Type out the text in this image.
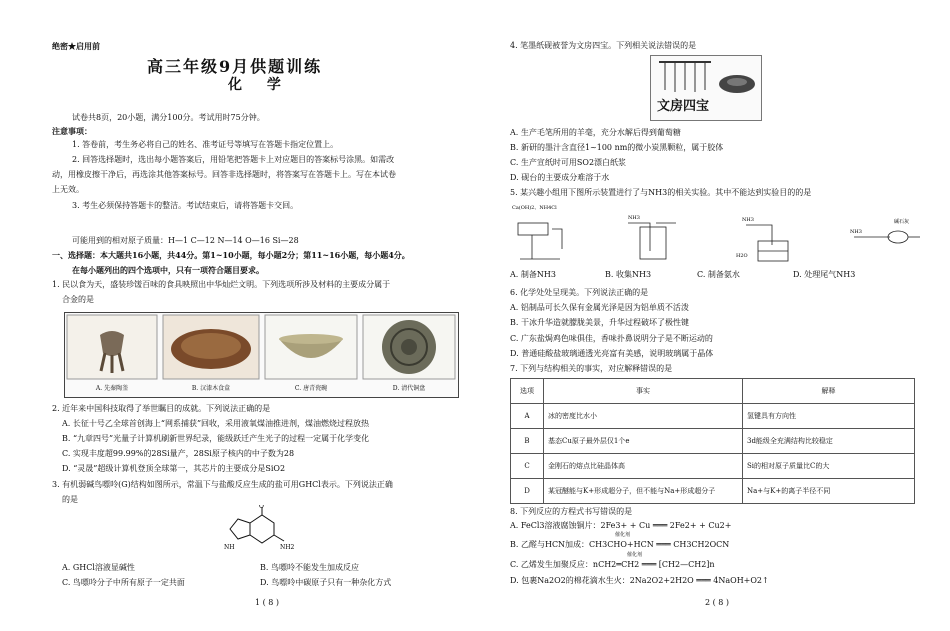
绝密★启用前
高三年级9月供题训练
化 学
试卷共8页，20小题，满分100分。考试用时75分钟。
注意事项：
1. 答卷前，考生务必将自己的姓名、准考证号等填写在答题卡指定位置上。
2. 回答选择题时，选出每小题答案后，用铅笔把答题卡上对应题目的答案标号涂黑。如需改
动，用橡皮擦干净后，再选涂其他答案标号。回答非选择题时，将答案写在答题卡上。写在本试卷
上无效。
3. 考生必须保持答题卡的整洁。考试结束后，请将答题卡交回。
可能用到的相对原子质量：H—1 C—12 N—14 O—16 Si—28
一、选择题：本大题共16小题，共44分。第1~10小题，每小题2分；第11~16小题，每小题4分。
在每小题列出的四个选项中，只有一项符合题目要求。
1. 民以食为天，盛装珍馐百味的食具映照出中华灿烂文明。下列选项所涉及材料的主要成分属于
合金的是
A. 先秦陶釜	B. 汉漆木食盒	C. 唐青瓷碗	D. 清代铜盘
2. 近年来中国科技取得了举世瞩目的成就。下列说法正确的是
A. 长征十号乙全球首创海上“网系捕获”回收，采用液氧煤油推进剂，煤油燃烧过程放热
B. “九章四号”光量子计算机刷新世界纪录，能级跃迁产生光子的过程一定属于化学变化
C. 实现丰度超99.99%的28Si量产，28Si原子核内的中子数为28
D. “灵晟”超级计算机登顶全球第一，其芯片的主要成分是SiO2
3. 有机弱碱鸟嘌呤(G)结构如图所示，常温下与盐酸反应生成的盐可用GHCl表示。下列说法正确
的是
O
NH	NH2
A. GHCl溶液显碱性	B. 鸟嘌呤不能发生加成反应
C. 鸟嘌呤分子中所有原子一定共面	D. 鸟嘌呤中碳原子只有一种杂化方式
1 ( 8 )
4. 笔墨纸砚被誉为文房四宝。下列相关说法错误的是
文房四宝
A. 生产毛笔所用的羊毫，充分水解后得到葡萄糖
B. 新研的墨汁含直径1~100 nm的微小炭黑颗粒，属于胶体
C. 生产宣纸时可用SO2漂白纸浆
D. 砚台的主要成分难溶于水
5. 某兴趣小组用下图所示装置进行了与NH3的相关实验。其中不能达到实验目的的是
Ca(OH)2、NH4Cl
NH3	NH3
H2O
NH3
碱石灰
A. 制备NH3	B. 收集NH3	C. 制备氨水	D. 处理尾气NH3
6. 化学处处呈现美。下列说法正确的是
A. 铝制品可长久保有金属光泽是因为铝单质不活泼
B. 干冰升华造就朦胧美景，升华过程破坏了极性键
C. 广东盐焗鸡色味俱佳，香味扑鼻说明分子是不断运动的
D. 普通硅酸盐玻璃通透光亮富有美感，说明玻璃属于晶体
7. 下列与结构相关的事实，对应解释错误的是
选项	事实	解释
A	冰的密度比水小	氢键具有方向性
B	基态Cu原子最外层仅1个e	3d能级全充满结构比较稳定
C	金刚石的熔点比硅晶体高	Si的相对原子质量比C的大
D	某冠醚能与K+形成超分子，但不能与Na+形成超分子	Na+与K+的离子半径不同
8. 下列反应的方程式书写错误的是
A. FeCl3溶液腐蚀铜片：2Fe3+ + Cu ═══ 2Fe2+ + Cu2+
催化剂
B. 乙醛与HCN加成：CH3CHO+HCN ═══ CH3CH2OCN
催化剂
C. 乙烯发生加聚反应：nCH2═CH2 ═══ [CH2—CH2]n
D. 包裹Na2O2的棉花滴水生火：2Na2O2+2H2O ═══ 4NaOH+O2↑
2 ( 8 )
